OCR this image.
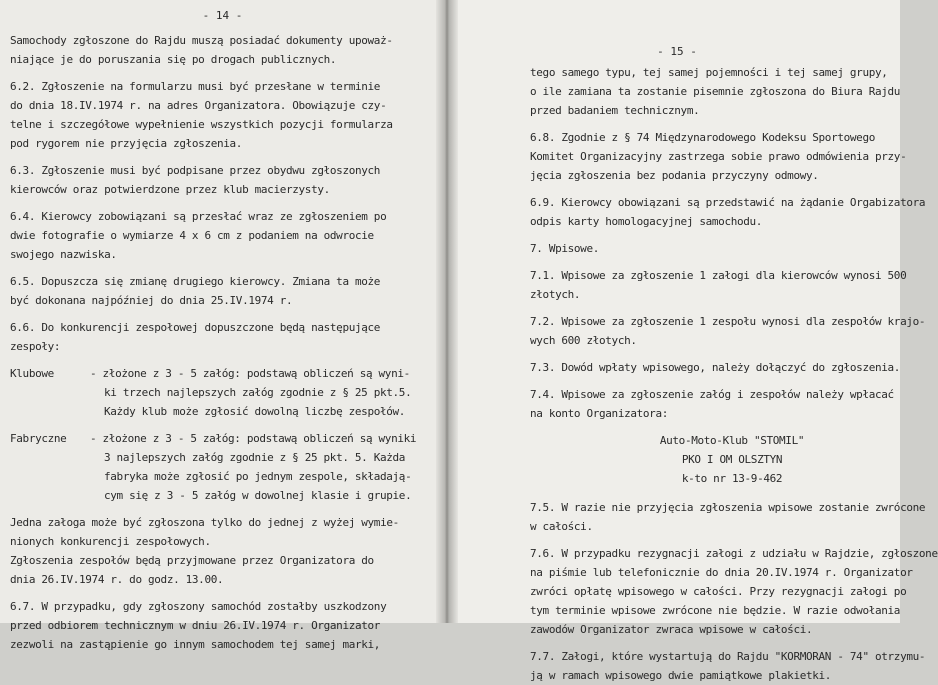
- 14 -
Samochody zgłoszone do Rajdu muszą posiadać dokumenty upoważ-
niające je do poruszania się po drogach publicznych.
6.2. Zgłoszenie na formularzu musi być przesłane w terminie
do dnia 18.IV.1974 r. na adres Organizatora. Obowiązuje czy-
telne i szczegółowe wypełnienie wszystkich pozycji formularza
pod rygorem nie przyjęcia zgłoszenia.
6.3. Zgłoszenie musi być podpisane przez obydwu zgłoszonych
kierowców oraz potwierdzone przez klub macierzysty.
6.4. Kierowcy zobowiązani są przesłać wraz ze zgłoszeniem po
dwie fotografie o wymiarze 4 x 6 cm z podaniem na odwrocie
swojego nazwiska.
6.5. Dopuszcza się zmianę drugiego kierowcy. Zmiana ta może
być dokonana najpóźniej do dnia 25.IV.1974 r.
6.6. Do konkurencji zespołowej dopuszczone będą następujące
zespoły:
Klubowe	- złożone z 3 - 5 załóg: podstawą obliczeń są wyni-
ki trzech najlepszych załóg zgodnie z § 25 pkt.5.
Każdy klub może zgłosić dowolną liczbę zespołów.
Fabryczne	- złożone z 3 - 5 załóg: podstawą obliczeń są wyniki
3 najlepszych załóg zgodnie z § 25 pkt. 5. Każda
fabryka może zgłosić po jednym zespole, składają-
cym się z 3 - 5 załóg w dowolnej klasie i grupie.
Jedna załoga może być zgłoszona tylko do jednej z wyżej wymie-
nionych konkurencji zespołowych.
Zgłoszenia zespołów będą przyjmowane przez Organizatora do
dnia 26.IV.1974 r. do godz. 13.00.
6.7. W przypadku, gdy zgłoszony samochód zostałby uszkodzony
przed odbiorem technicznym w dniu 26.IV.1974 r. Organizator
zezwoli na zastąpienie go innym samochodem tej samej marki,
- 15 -
tego samego typu, tej samej pojemności i tej samej grupy,
o ile zamiana ta zostanie pisemnie zgłoszona do Biura Rajdu
przed badaniem technicznym.
6.8. Zgodnie z § 74 Międzynarodowego Kodeksu Sportowego
Komitet Organizacyjny zastrzega sobie prawo odmówienia przy-
jęcia zgłoszenia bez podania przyczyny odmowy.
6.9. Kierowcy obowiązani są przedstawić na żądanie Orgabizatora
odpis karty homologacyjnej samochodu.
7. Wpisowe.
7.1. Wpisowe za zgłoszenie 1 załogi dla kierowców wynosi 500
złotych.
7.2. Wpisowe za zgłoszenie 1 zespołu wynosi dla zespołów krajo-
wych 600 złotych.
7.3. Dowód wpłaty wpisowego, należy dołączyć do zgłoszenia.
7.4. Wpisowe za zgłoszenie załóg i zespołów należy wpłacać
na konto Organizatora:
Auto-Moto-Klub "STOMIL"
PKO I OM OLSZTYN
k-to nr 13-9-462
7.5. W razie nie przyjęcia zgłoszenia wpisowe zostanie zwrócone
w całości.
7.6. W przypadku rezygnacji załogi z udziału w Rajdzie, zgłoszone
na piśmie lub telefonicznie do dnia 20.IV.1974 r. Organizator
zwróci opłatę wpisowego w całości. Przy rezygnacji załogi po
tym terminie wpisowe zwrócone nie będzie. W razie odwołania
zawodów Organizator zwraca wpisowe w całości.
7.7. Załogi, które wystartują do Rajdu "KORMORAN - 74" otrzymu-
ją w ramach wpisowego dwie pamiątkowe plakietki.
